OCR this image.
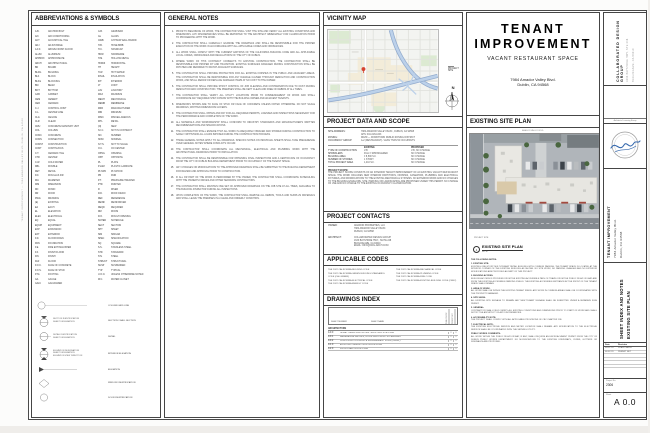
TENANT IMPROVEMENT — 7984 AMADOR VALLEY BLVD, DUBLIN, CA 94568
ABBREVIATIONS & SYMBOLS
A.B.	ANCHOR BOLT
A/C	AIR CONDITIONING
ACT	ACOUSTICAL TILE
ADJ	ADJUSTABLE
A.F.F.	ABOVE FINISH FLOOR
ALUM	ALUMINUM
APPROX APPROXIMATE
ARCH	ARCHITECTURAL
BD	BOARD
BLDG	BUILDING
BLK	BLOCK
BLKG	BLOCKING
BM	BEAM
BOT	BOTTOM
CAB	CABINET
CEM	CEMENT
CER	CERAMIC
C.J.	CONTROL JOINT
C.L.	CENTER LINE
CLG	CEILING
CLR	CLEAR
CMU	CONCRETE MASONRY UNIT
COL	COLUMN
CONC	CONCRETE
CONN	CONNECTION
CONST CONSTRUCTION
CONT	CONTINUOUS
C.T.	CERAMIC TILE
CTR	CENTER
C.W.	COLD WATER
DBL	DOUBLE
DET	DETAIL
D.F.	DOUGLAS FIR
DIA	DIAMETER
DIM	DIMENSION
DN	DOWN
DR	DOOR
DWG	DRAWING
(E)	EXISTING
EA	EACH
EL	ELEVATION
ELEC	ELECTRICAL
EQ	EQUAL
EQUIP	EQUIPMENT
EXP	EXPANSION
EXT	EXTERIOR
F.D.	FLOOR DRAIN
FDN	FOUNDATION
F.E.	FIRE EXTINGUISHER
F.F.	FINISH FLOOR
FIN	FINISH
FLR	FLOOR
F.O.C.	FACE OF CONCRETE
F.O.S.	FACE OF STUD
FTG	FOOTING
GA	GAUGE
GALV	GALVANIZED
G.B.	GRAB BAR
GL	GLASS
GWB	GYPSUM WALL BOARD
H.B.	HOSE BIBB
H.C.	HANDICAP
HDW	HARDWARE
H.M.	HOLLOW METAL
HORIZ	HORIZONTAL
HT	HEIGHT
H.W.	HOT WATER
INSUL	INSULATION
INT	INTERIOR
JT	JOINT
LAV	LAVATORY
MAX	MAXIMUM
MECH	MECHANICAL
MEMB	MEMBRANE
MFR	MANUFACTURER
MIN	MINIMUM
MISC	MISCELLANEOUS
MTL	METAL
(N)	NEW
N.I.C.	NOT IN CONTRACT
NO.	NUMBER
NOM	NOMINAL
N.T.S.	NOT TO SCALE
O.C.	ON CENTER
OPNG	OPENING
OPP	OPPOSITE
PL	PLATE
P.LAM	PLASTIC LAMINATE
PLYWD PLYWOOD
PR	PAIR
P.T.	PRESSURE TREATED
PTD	PAINTED
R	RISER
R.D.	ROOF DRAIN
REF	REFERENCE
REINF	REINFORCED
REQD	REQUIRED
RM	ROOM
R.O.	ROUGH OPENING
SCHED SCHEDULE
SECT	SECTION
SHT	SHEET
SIM	SIMILAR
SPEC	SPECIFICATION
SQ	SQUARE
S.S.	STAINLESS STEEL
STD	STANDARD
STL	STEEL
STRUCT STRUCTURAL
SUSP	SUSPENDED
TYP	TYPICAL
U.O.N.	UNLESS OTHERWISE NOTED
W.C.	WATER CLOSET
COLUMN GRID LINE
SECTION IDENTIFICATION
SHEET DESIGNATION	SECTION / WALL SECTION
DETAIL IDENTIFICATION
SHEET DESIGNATION	DETAIL
ELEVATION DESIGNATION
SHEET DESIGNATION
ELEVATION VIEW DIRECTION
INTERIOR ELEVATION
ELEVATION
WINDOW IDENTIFICATION
DOOR IDENTIFICATION
GENERAL NOTES
1. PRIOR TO BEGINNING OF WORK, THE CONTRACTOR SHALL VISIT THE SITE AND VERIFY ALL EXISTING CONDITIONS AND DIMENSIONS. ANY DISCREPANCIES SHALL BE REPORTED TO THE ARCHITECT IMMEDIATELY FOR CLARIFICATION PRIOR TO PROCEEDING WITH THE WORK.
2. THE CONTRACTOR SHALL CAREFULLY EXAMINE THE DRAWINGS AND SHALL BE RESPONSIBLE FOR THE PROPER EXECUTION OF THE WORK IN ACCORDANCE WITH ALL APPLICABLE CODES AND ORDINANCES.
3. ALL WORK SHALL COMPLY WITH THE CURRENT EDITIONS OF THE CALIFORNIA BUILDING CODE AND ALL APPLICABLE LOCAL CODES, ORDINANCES AND REGULATIONS OF THE CITY OF DUBLIN.
4. WHERE WORK OF THIS CONTRACT CONNECTS TO EXISTING CONSTRUCTION, THE CONTRACTOR SHALL BE RESPONSIBLE FOR PROPER FIT AND TRANSITION. EXISTING SURFACES DAMAGED DURING CONSTRUCTION SHALL BE PATCHED AND REPAIRED TO MATCH ADJACENT SURFACES.
5. THE CONTRACTOR SHALL PROVIDE PROTECTION FOR ALL EXISTING FINISHES IN THE PUBLIC AND ADJACENT AREAS. THE CONTRACTOR SHALL BE RESPONSIBLE FOR ANY DAMAGE CAUSED THROUGH DEMOLITION AND CONSTRUCTION WORK, AND SHALL REPAIR OR REPLACE DAMAGED ITEMS AT NO COST TO THE OWNER.
6. THE CONTRACTOR SHALL PROVIDE STRICT CONTROL OF JOB CLEANING AND CONTAMINATION DUE TO DUST DURING DEMOLITION AND CONSTRUCTION. THE PREMISES SHALL BE KEPT CLEAN AND FREE OF DEBRIS AT ALL TIMES.
7. THE CONTRACTOR SHALL VERIFY ALL UTILITY LOCATIONS PRIOR TO COMMENCEMENT OF WORK AND SHALL COORDINATE ANY REQUIRED SHUT-DOWNS WITH THE BUILDING OWNER AND ADJACENT TENANTS.
8. DIMENSIONS SHOWN ARE TO FACE OF STUD OR FACE OF CONCRETE UNLESS NOTED OTHERWISE. DO NOT SCALE DRAWINGS; WRITTEN DIMENSIONS GOVERN.
9. THE CONTRACTOR SHALL OBTAIN AND PAY FOR ALL REQUIRED PERMITS, LICENSES AND INSPECTIONS NECESSARY FOR THE PERFORMANCE AND COMPLETION OF THE WORK.
10. ALL MATERIALS AND WORKMANSHIP SHALL CONFORM TO INDUSTRY STANDARDS AND MANUFACTURER'S WRITTEN RECOMMENDATIONS AND SPECIFICATIONS.
11. THE CONTRACTOR SHALL ENSURE THAT ALL WORK IS ADEQUATELY BRACED AND SHORED DURING CONSTRUCTION TO SAFELY WITHSTAND ALL LOADS IMPOSED DURING THE CONSTRUCTION PROCESS.
12. THESE GENERAL NOTES APPLY TO ALL DRAWINGS. SPECIFIC NOTES ON INDIVIDUAL SHEETS SHALL TAKE PRECEDENCE OVER GENERAL NOTES WHERE CONFLICTS OCCUR.
13. THE CONTRACTOR SHALL COORDINATE ALL MECHANICAL, ELECTRICAL AND PLUMBING WORK WITH THE ARCHITECTURAL DRAWINGS PRIOR TO INSTALLATION.
14. THE CONTRACTOR SHALL BE RESPONSIBLE FOR OBTAINING FINAL INSPECTIONS AND A CERTIFICATE OF OCCUPANCY FROM THE CITY OF DUBLIN BUILDING DEPARTMENT PRIOR TO OCCUPANCY OF THE TENANT SPACE.
15. ANY CHANGES OR MODIFICATIONS TO THE APPROVED DRAWINGS SHALL BE SUBMITTED TO THE BUILDING DEPARTMENT FOR REVIEW AND APPROVAL PRIOR TO CONSTRUCTION.
16. IF ALL OR PART OF THE WORK IS PERFORMED BY THE OWNER, THE CONTRACTOR SHALL COORDINATE SCHEDULING WITH THE OWNER'S FORCES AND OTHER SEPARATE CONTRACTORS.
17. THE CONTRACTOR SHALL MAINTAIN ONE SET OF APPROVED DRAWINGS ON THE JOB SITE AT ALL TIMES, AVAILABLE TO THE BUILDING INSPECTOR DURING ALL INSPECTIONS.
18. UPON COMPLETION OF THE WORK, THE CONTRACTOR SHALL REMOVE ALL DEBRIS, TOOLS AND SURPLUS MATERIALS AND SHALL LEAVE THE PREMISES IN A CLEAN AND ORDERLY CONDITION.
VICINITY MAP
PROJECT SITE
N
PROJECT DATA AND SCOPE
SITE ADDRESS:	7984 AMADOR VALLEY BLVD., DUBLIN, CA 94568
APN: 941-0164-003
ZONING:	DDZD — DOWNTOWN DUBLIN ZONING DISTRICT
OCCUPANCY GROUP:	A-2 (RESTAURANT) / LESS THAN 50 OCCUPANTS
EXISTING	PROPOSED
TYPE OF CONSTRUCTION	V-B	V-B, NO CHANGE
SPRINKLERS	FULLY SPRINKLERED	NO CHANGE
BUILDING AREA	± 8,500 S.F.	NO CHANGE
NUMBER OF STORIES	1 STORY	NO CHANGE
TOTAL PROJECT AREA	1,410 S.F.	NO CHANGE
PROJECT SCOPE:
THE PROJECT SCOPE CONSISTS OF AN INTERIOR TENANT IMPROVEMENT OF AN EXISTING VACANT RESTAURANT SPACE. THE WORK INCLUDES NEW INTERIOR PARTITIONS, FINISHES, CASEWORK, PLUMBING AND ELECTRICAL FIXTURES, AND MODIFICATIONS TO THE EXISTING MECHANICAL SYSTEMS. NO EXTERIOR WORK AND NO CHANGES TO THE BUILDING ENVELOPE, SITE, PARKING OR LANDSCAPING ARE PROPOSED UNDER THIS PERMIT. NO CHANGE OF USE AND NO CHANGE TO THE EXISTING OCCUPANCY CLASSIFICATION.
PROJECT CONTACTS
OWNER:	AMADOR PROPERTIES, LLC
7984 AMADOR VALLEY BLVD.
DUBLIN, CA 94568
ARCHITECT:	COLLABORATED DESIGN GROUP
1633 BAYSHORE HWY., SUITE 248
BURLINGAME, CA 94010
EMAIL: INFO@CDG-ARCH.COM
APPLICABLE CODES
THE 2022 CALIFORNIA BUILDING CODE
THE 2022 CALIFORNIA GREEN BUILDING STANDARDS CODE (CAL GREEN)
THE 2022 CALIFORNIA ELECTRICAL CODE
THE 2022 CALIFORNIA ENERGY CODE
THE 2022 CALIFORNIA MECHANICAL CODE
THE 2022 CALIFORNIA PLUMBING CODE
THE 2022 CALIFORNIA FIRE CODE
THE 2022 CALIFORNIA EXISTING BUILDING CODE (CEBC)
DRAWINGS INDEX
SHEET NUMBER	SHEET NAME	PLAN CHECK	PERMIT SET
ARCHITECTURE
A 0.0	SHEET INDEX AND NOTES / EXISTING SITE PLAN	X	X
A 0.1	REFERENCE DETAILS, DOOR AND FINISH SCHEDULES	X	X
A 0.2	CONSTRUCTION WASTE MANAGEMENT PLAN (CWMP)	X	X
A 1.0	EXISTING / DEMOLITION FLOOR PLAN	X	X
A 2.0	PROPOSED FLOOR PLAN	X	X
TENANT
IMPROVEMENT
VACANT RESTAURANT SPACE
7984 Amador Valley Blvd.
Dublin, CA 94568
EXISTING SITE PLAN
AMADOR VALLEY BLVD.
PROJECT SITE
1
EXISTING SITE PLAN
N.T.S.
THE FOLLOWING NOTES:
1. EXISTING SITE:
EXISTING ONE-STORY MULTI-TENANT RETAIL BUILDING WITH COMMON PARKING. THE TENANT SPACE IS LOCATED AT THE INTERIOR CORNER OF THE EXISTING BUILDING AS SHOWN. NO SITE WORK, NO PARKING CHANGES AND NO EXTERIOR MODIFICATIONS ARE PROPOSED AS PART OF THIS PROJECT.
2. BUILDING ACCESS:
BUILDING ACCESS IS PROVIDED FROM THE EXISTING ACCESSIBLE PATH OF TRAVEL FROM THE PUBLIC RIGHT-OF-WAY AND FROM THE EXISTING ACCESSIBLE PARKING STALLS. THE EXISTING ACCESSIBLE ENTRANCE AT THE FRONT OF THE TENANT SPACE SHALL REMAIN.
3. AREA OF WORK:
ALL WORK SHALL BE WITHIN THE EXISTING TENANT SPACE. ANY WORK IN COMMON AREAS SHALL BE COORDINATED WITH THE PROPERTY MANAGER.
4. SITE SIGNS:
ALL EXISTING SITE SIGNAGE TO REMAIN. ANY NEW TENANT SIGNAGE SHALL BE SUBMITTED UNDER A SEPARATE SIGN PERMIT.
5. GENERAL:
CONTRACTOR SHALL FIELD VERIFY ALL EXISTING CONDITIONS AND DIMENSIONS PRIOR TO START OF WORK AND SHALL NOTIFY THE ARCHITECT OF ANY DISCREPANCIES.
6. ACCESSIBILITY NOTE:
THE PROJECT SHALL COMPLY WITH ALL APPLICABLE PROVISIONS OF CBC CHAPTER 11B.
7. ELECTRICAL NOTE:
THE EXISTING ELECTRICAL SERVICE AND METER LOCATION SHALL REMAIN. ANY MODIFICATION TO THE ELECTRICAL SERVICE SHALL BE COORDINATED WITH THE SERVING UTILITY.
PUBLIC WORKS COMMENTS:
ALL WORK WITHIN THE PUBLIC RIGHT-OF-WAY, IF ANY, SHALL REQUIRE AN ENCROACHMENT PERMIT FROM THE CITY OF DUBLIN PUBLIC WORKS DEPARTMENT. NO MODIFICATIONS TO THE EXISTING DRIVEWAYS, CURBS, GUTTERS OR SIDEWALKS ARE PROPOSED.
COLLABORATED DESIGN GROUP 1633 BAYSHORE HWY, STE 248 BURLINGAME, CA 94010
Architects Licensing Stamp
TENANT IMPROVEMENT 7984 Amador Valley Blvd. Dublin, CA 94568
SHEET INDEX AND NOTES EXISTING SITE PLAN
Date	Revision
04.21.23	PLAN CHECK
06.02.23	PERMIT SET
Project No.
2306
Sheet
A 0.0
